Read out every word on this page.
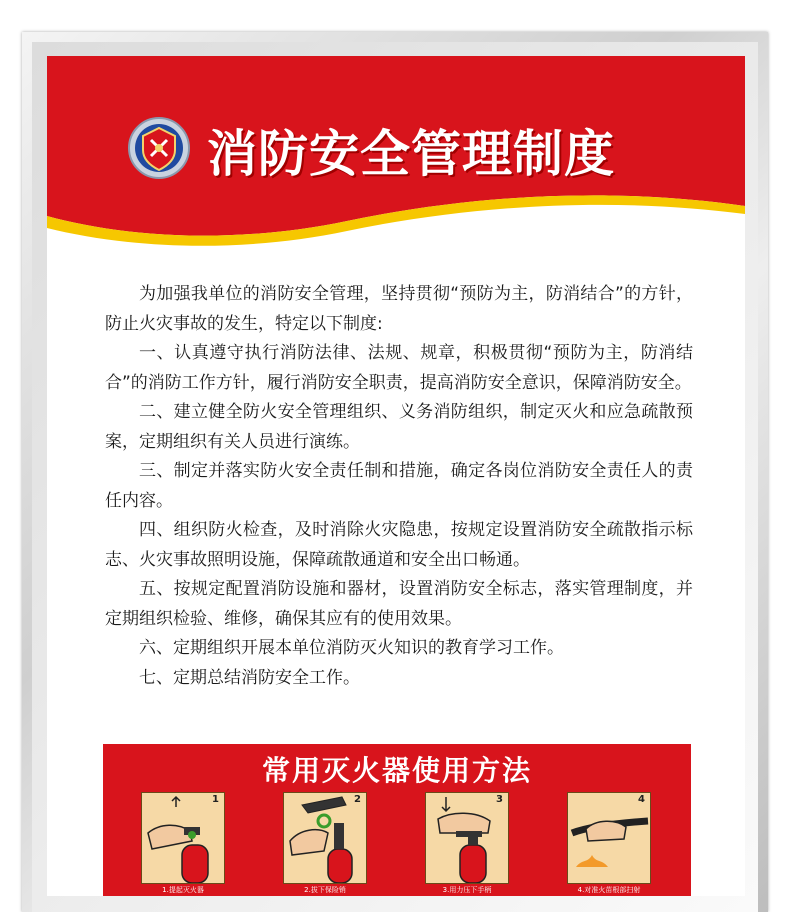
消防安全管理制度

为加强我单位的消防安全管理，坚持贯彻“预防为主，防消结合”的方针，防止火灾事故的发生，特定以下制度:

一、认真遵守执行消防法律、法规、规章，积极贯彻“预防为主，防消结合”的消防工作方针，履行消防安全职责，提高消防安全意识，保障消防安全。

二、建立健全防火安全管理组织、义务消防组织，制定灭火和应急疏散预案，定期组织有关人员进行演练。

三、制定并落实防火安全责任制和措施，确定各岗位消防安全责任人的责任内容。

四、组织防火检查，及时消除火灾隐患，按规定设置消防安全疏散指示标志、火灾事故照明设施，保障疏散通道和安全出口畅通。

五、按规定配置消防设施和器材，设置消防安全标志，落实管理制度，并定期组织检验、维修，确保其应有的使用效果。

六、定期组织开展本单位消防灭火知识的教育学习工作。

七、定期总结消防安全工作。

常用灭火器使用方法
1
1.提起灭火器
2
2.拔下保险销
3
3.用力压下手柄
4
4.对准火苗根部扫射
